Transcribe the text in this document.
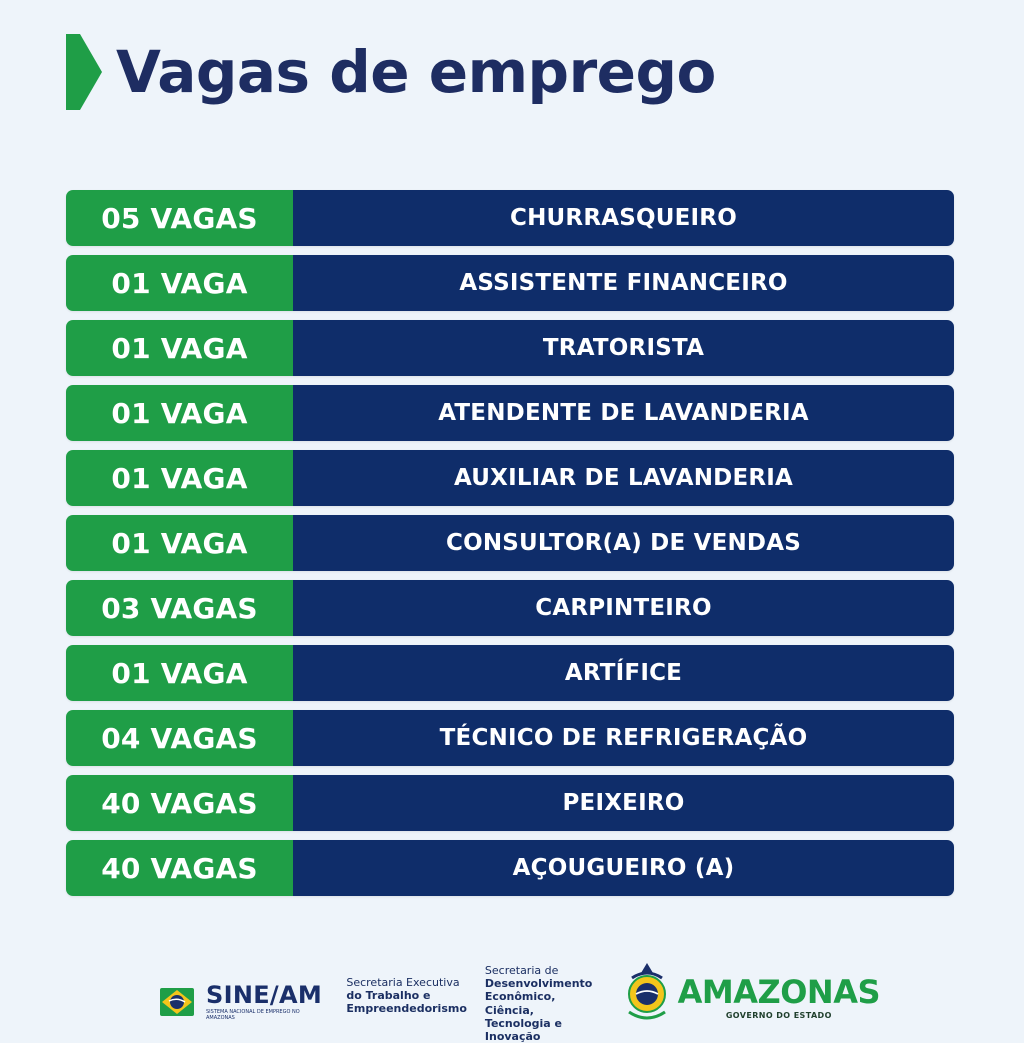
Vagas de emprego
05 VAGAS	CHURRASQUEIRO
01 VAGA	ASSISTENTE FINANCEIRO
01 VAGA	TRATORISTA
01 VAGA	ATENDENTE DE LAVANDERIA
01 VAGA	AUXILIAR DE LAVANDERIA
01 VAGA	CONSULTOR(A) DE VENDAS
03 VAGAS	CARPINTEIRO
01 VAGA	ARTÍFICE
04 VAGAS	TÉCNICO DE REFRIGERAÇÃO
40 VAGAS	PEIXEIRO
40 VAGAS	AÇOUGUEIRO (A)
SINE/AM
SISTEMA NACIONAL DE EMPREGO NO AMAZONAS
Secretaria Executiva
do Trabalho e
Empreendedorismo
Secretaria de
Desenvolvimento
Econômico, Ciência,
Tecnologia e Inovação
AMAZONAS
GOVERNO DO ESTADO
